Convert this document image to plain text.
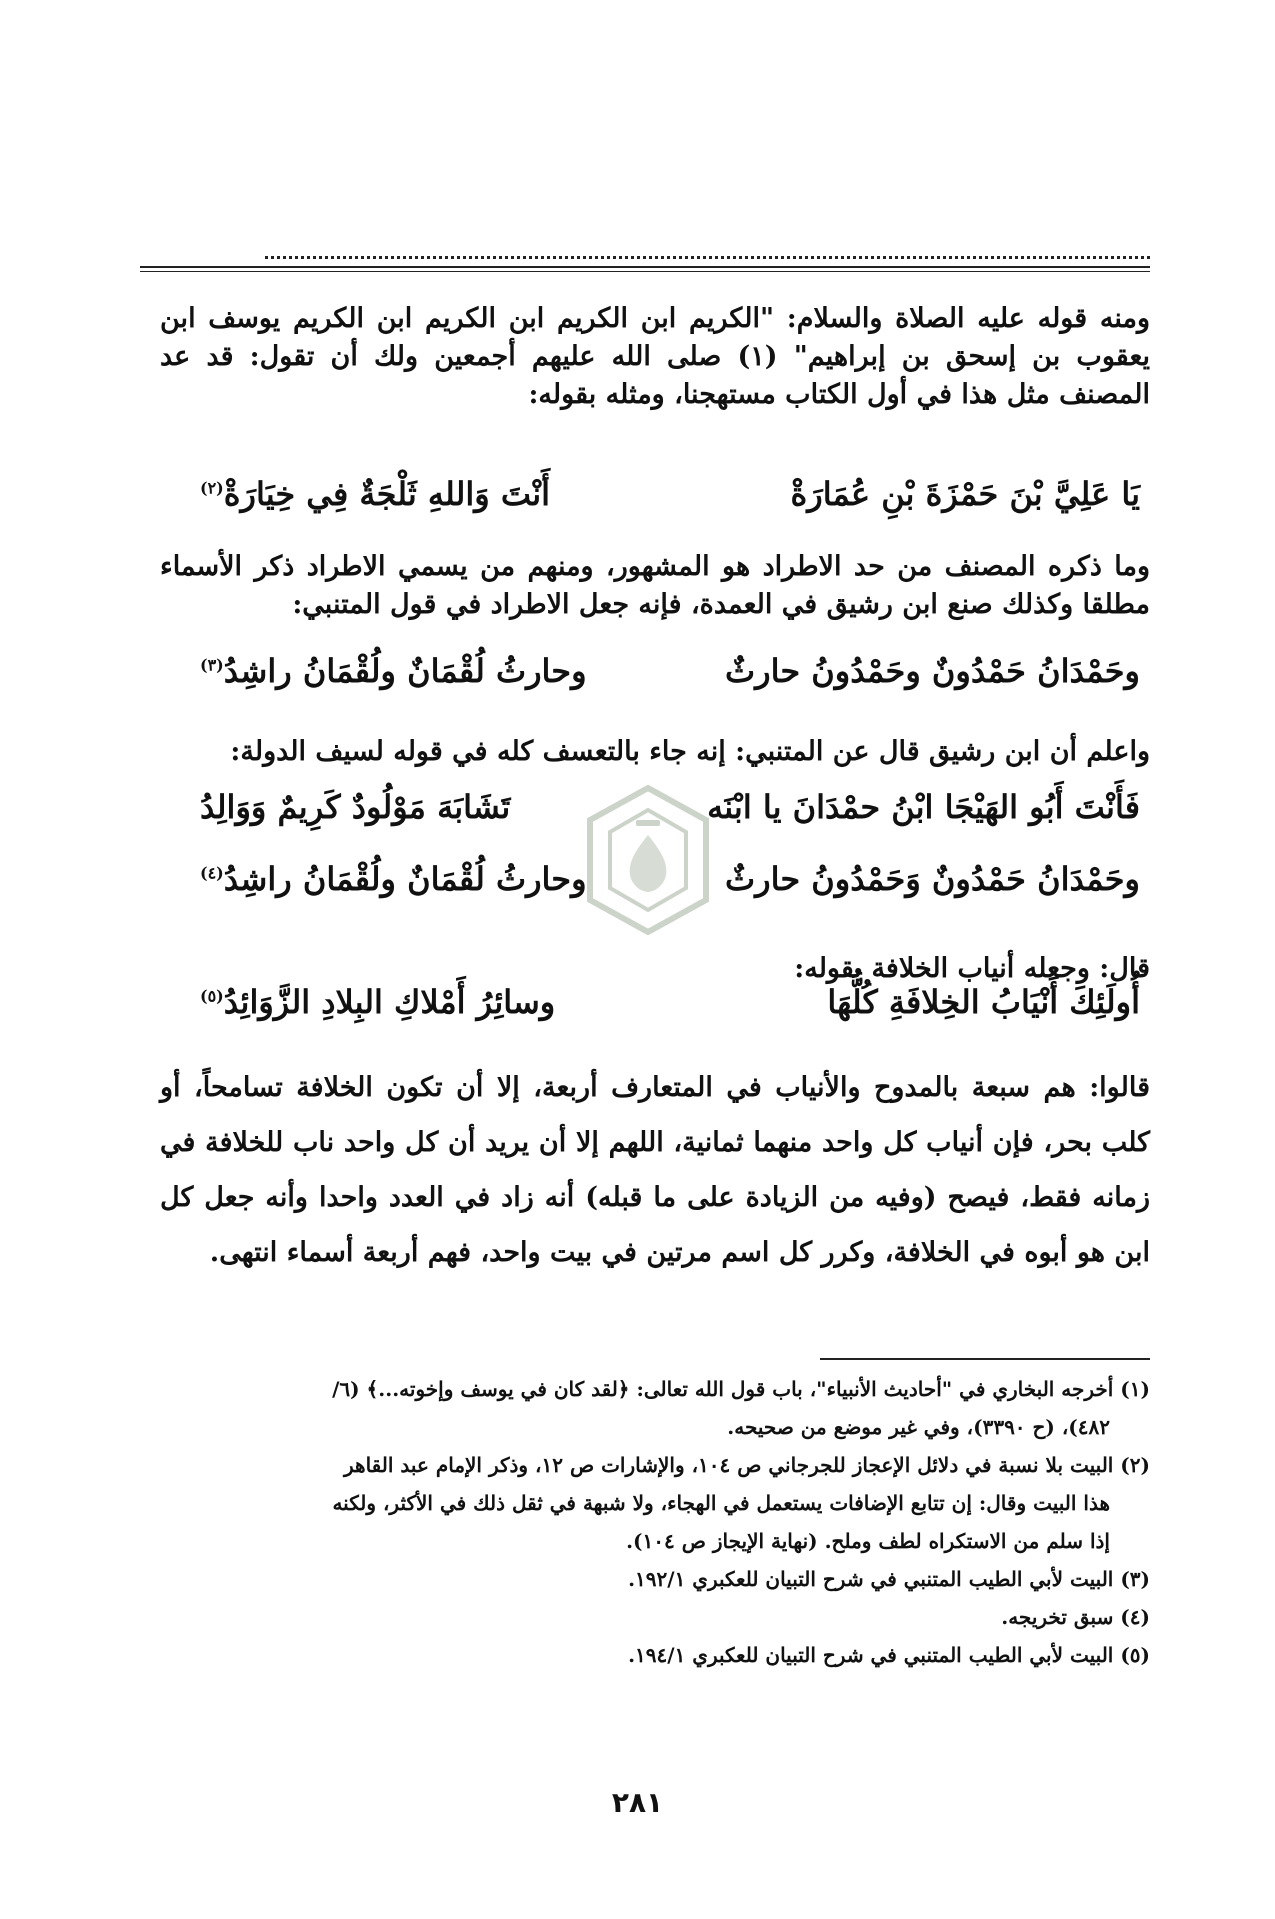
ومنه قوله عليه الصلاة والسلام: "الكريم ابن الكريم ابن الكريم ابن الكريم يوسف ابن يعقوب بن إسحق بن إبراهيم" (١) صلى الله عليهم أجمعين ولك أن تقول: قد عد المصنف مثل هذا في أول الكتاب مستهجنا، ومثله بقوله:
يَا عَلِيَّ بْنَ حَمْزَةَ بْنِ عُمَارَةْ
أَنْتَ وَاللهِ ثَلْجَةٌ فِي خِيَارَةْ$^{(٢)}$
وما ذكره المصنف من حد الاطراد هو المشهور، ومنهم من يسمي الاطراد ذكر الأسماء مطلقا وكذلك صنع ابن رشيق في العمدة، فإنه جعل الاطراد في قول المتنبي:
وحَمْدَانُ حَمْدُونٌ وحَمْدُونُ حارثٌ
وحارثُ لُقْمَانٌ ولُقْمَانُ راشِدُ$^{(٣)}$
واعلم أن ابن رشيق قال عن المتنبي: إنه جاء بالتعسف كله في قوله لسيف الدولة:
فَأَنْتَ أَبُو الهَيْجَا ابْنُ حمْدَانَ يا ابْنَه
تَشَابَهَ مَوْلُودٌ كَرِيمٌ وَوَالِدُ
وحَمْدَانُ حَمْدُونٌ وَحَمْدُونُ حارثٌ
وحارثُ لُقْمَانٌ ولُقْمَانُ راشِدُ$^{(٤)}$
قال: وجعله أنياب الخلافة بقوله:
أُولَئِكَ أَنْيَابُ الخِلافَةِ كُلُّهَا
وسائِرُ أَمْلاكِ البِلادِ الزَّوَائِدُ$^{(٥)}$
قالوا: هم سبعة بالمدوح والأنياب في المتعارف أربعة، إلا أن تكون الخلافة تسامحاً، أو كلب بحر، فإن أنياب كل واحد منهما ثمانية، اللهم إلا أن يريد أن كل واحد ناب للخلافة في زمانه فقط، فيصح (وفيه من الزيادة على ما قبله) أنه زاد في العدد واحدا وأنه جعل كل ابن هو أبوه في الخلافة، وكرر كل اسم مرتين في بيت واحد، فهم أربعة أسماء انتهى.

(١) أخرجه البخاري في "أحاديث الأنبياء"، باب قول الله تعالى: ﴿لقد كان في يوسف وإخوته...﴾ (٦/

٤٨٢)، (ح ٣٣٩٠)، وفي غير موضع من صحيحه.

(٢) البيت بلا نسبة في دلائل الإعجاز للجرجاني ص ١٠٤، والإشارات ص ١٢، وذكر الإمام عبد القاهر

هذا البيت وقال: إن تتابع الإضافات يستعمل في الهجاء، ولا شبهة في ثقل ذلك في الأكثر، ولكنه

إذا سلم من الاستكراه لطف وملح. (نهاية الإيجاز ص ١٠٤).

(٣) البيت لأبي الطيب المتنبي في شرح التبيان للعكبري ١٩٢/١.

(٤) سبق تخريجه.

(٥) البيت لأبي الطيب المتنبي في شرح التبيان للعكبري ١٩٤/١.

٢٨١
